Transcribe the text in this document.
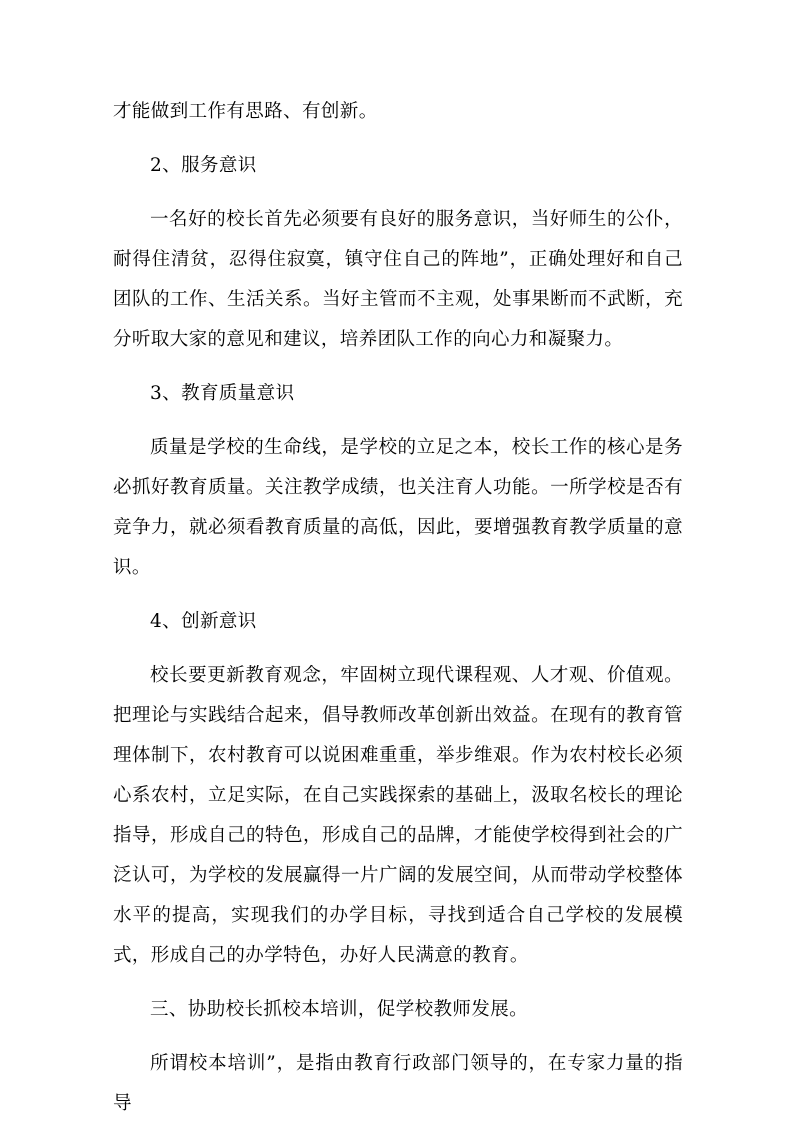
才能做到工作有思路、有创新。

2、服务意识

一名好的校长首先必须要有良好的服务意识，当好师生的公仆，耐得住清贫，忍得住寂寞，镇守住自己的阵地”，正确处理好和自己团队的工作、生活关系。当好主管而不主观，处事果断而不武断，充分听取大家的意见和建议，培养团队工作的向心力和凝聚力。

3、教育质量意识

质量是学校的生命线，是学校的立足之本，校长工作的核心是务必抓好教育质量。关注教学成绩，也关注育人功能。一所学校是否有竞争力，就必须看教育质量的高低，因此，要增强教育教学质量的意识。

4、创新意识

校长要更新教育观念，牢固树立现代课程观、人才观、价值观。把理论与实践结合起来，倡导教师改革创新出效益。在现有的教育管理体制下，农村教育可以说困难重重，举步维艰。作为农村校长必须心系农村，立足实际，在自己实践探索的基础上，汲取名校长的理论指导，形成自己的特色，形成自己的品牌，才能使学校得到社会的广泛认可，为学校的发展赢得一片广阔的发展空间，从而带动学校整体水平的提高，实现我们的办学目标，寻找到适合自己学校的发展模式，形成自己的办学特色，办好人民满意的教育。

三、协助校长抓校本培训，促学校教师发展。

所谓校本培训”，是指由教育行政部门领导的，在专家力量的指导
